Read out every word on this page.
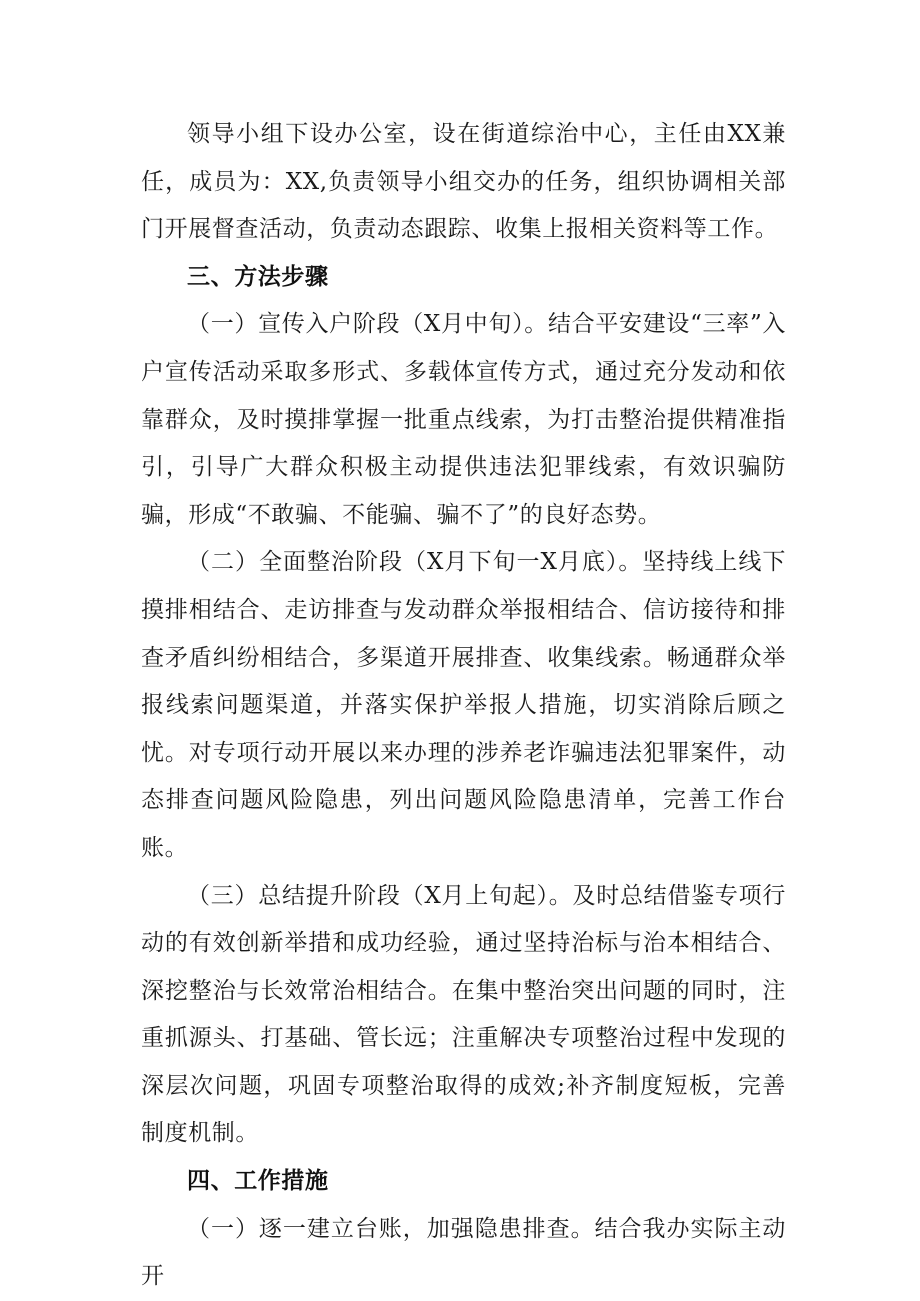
领导小组下设办公室，设在街道综治中心，主任由XX兼任，成员为：XX,负责领导小组交办的任务，组织协调相关部门开展督查活动，负责动态跟踪、收集上报相关资料等工作。

三、方法步骤

（一）宣传入户阶段（X月中旬）。结合平安建设“三率”入户宣传活动采取多形式、多载体宣传方式，通过充分发动和依靠群众，及时摸排掌握一批重点线索，为打击整治提供精准指引，引导广大群众积极主动提供违法犯罪线索，有效识骗防骗，形成“不敢骗、不能骗、骗不了”的良好态势。

（二）全面整治阶段（X月下旬一X月底）。坚持线上线下摸排相结合、走访排查与发动群众举报相结合、信访接待和排查矛盾纠纷相结合，多渠道开展排查、收集线索。畅通群众举报线索问题渠道，并落实保护举报人措施，切实消除后顾之忧。对专项行动开展以来办理的涉养老诈骗违法犯罪案件，动态排查问题风险隐患，列出问题风险隐患清单，完善工作台账。

（三）总结提升阶段（X月上旬起）。及时总结借鉴专项行动的有效创新举措和成功经验，通过坚持治标与治本相结合、深挖整治与长效常治相结合。在集中整治突出问题的同时，注重抓源头、打基础、管长远；注重解决专项整治过程中发现的深层次问题，巩固专项整治取得的成效;补齐制度短板，完善制度机制。

四、工作措施

（一）逐一建立台账，加强隐患排查。结合我办实际主动开
